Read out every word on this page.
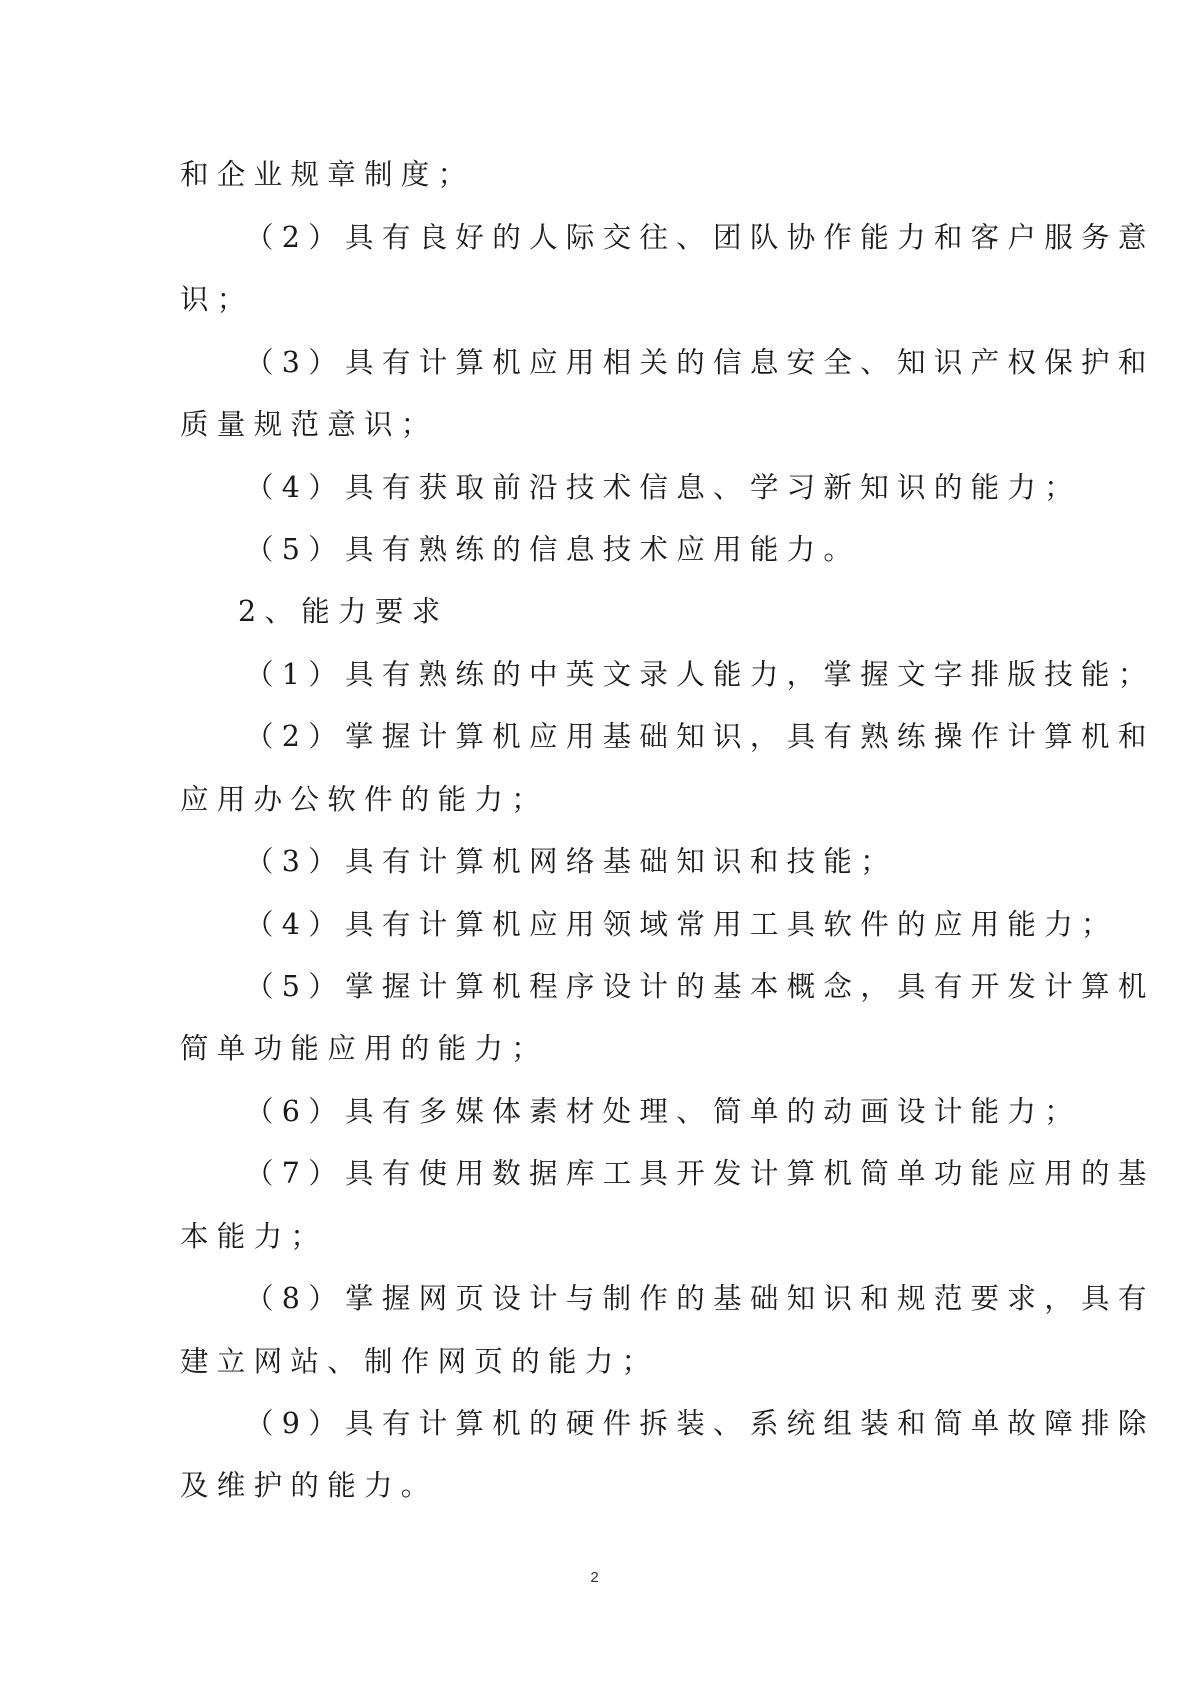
和企业规章制度；
（2）具有良好的人际交往、团队协作能力和客户服务意
识；
（3）具有计算机应用相关的信息安全、知识产权保护和
质量规范意识；
（4）具有获取前沿技术信息、学习新知识的能力；
（5）具有熟练的信息技术应用能力。
2、能力要求
（1）具有熟练的中英文录人能力，掌握文字排版技能；
（2）掌握计算机应用基础知识，具有熟练操作计算机和
应用办公软件的能力；
（3）具有计算机网络基础知识和技能；
（4）具有计算机应用领域常用工具软件的应用能力；
（5）掌握计算机程序设计的基本概念，具有开发计算机
简单功能应用的能力；
（6）具有多媒体素材处理、简单的动画设计能力；
（7）具有使用数据库工具开发计算机简单功能应用的基
本能力；
（8）掌握网页设计与制作的基础知识和规范要求，具有
建立网站、制作网页的能力；
（9）具有计算机的硬件拆装、系统组装和简单故障排除
及维护的能力。
2
